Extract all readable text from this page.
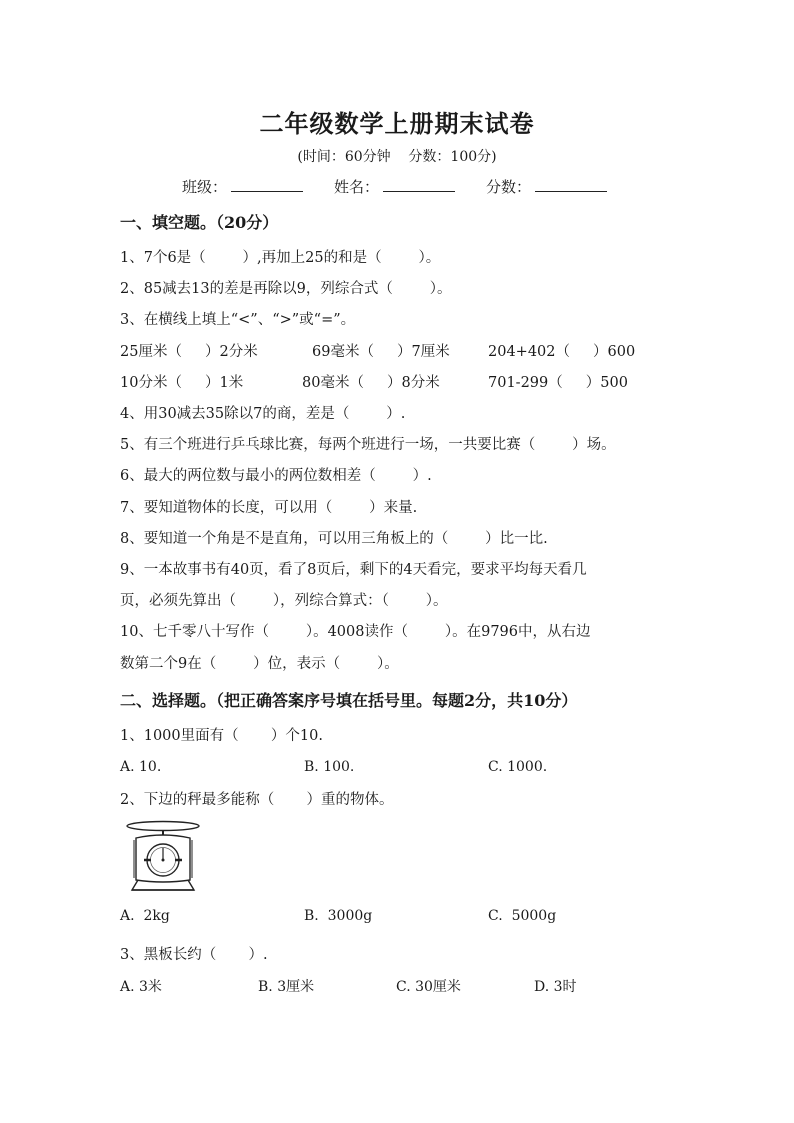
二年级数学上册期末试卷
(时间：60分钟    分数：100分)
班级：	姓名：	分数：
一、填空题。（20分）
1、7个6是（        ）,再加上25的和是（        ）。
2、85减去13的差是再除以9，列综合式（        ）。
3、在横线上填上“<”、“>”或“=”。
25厘米（     ）2分米	69毫米（     ）7厘米	204+402（     ）600
10分米（     ）1米	80毫米（     ）8分米	701-299（     ）500
4、用30减去35除以7的商，差是（        ）.
5、有三个班进行乒乓球比赛，每两个班进行一场，一共要比赛（        ）场。
6、最大的两位数与最小的两位数相差（        ）.
7、要知道物体的长度，可以用（        ）来量.
8、要知道一个角是不是直角，可以用三角板上的（        ）比一比.
9、一本故事书有40页，看了8页后，剩下的4天看完，要求平均每天看几
页，必须先算出（        ），列综合算式：（        ）。
10、七千零八十写作（        ）。4008读作（        ）。在9796中，从右边
数第二个9在（        ）位，表示（        ）。
二、选择题。（把正确答案序号填在括号里。每题2分，共10分）
1、1000里面有（       ）个10.
A. 10.	B. 100.	C. 1000.
2、下边的秤最多能称（       ）重的物体。
A.  2kg	B.  3000g	C.  5000g
3、黑板长约（       ）.
A. 3米	B. 3厘米	C. 30厘米	D. 3时
